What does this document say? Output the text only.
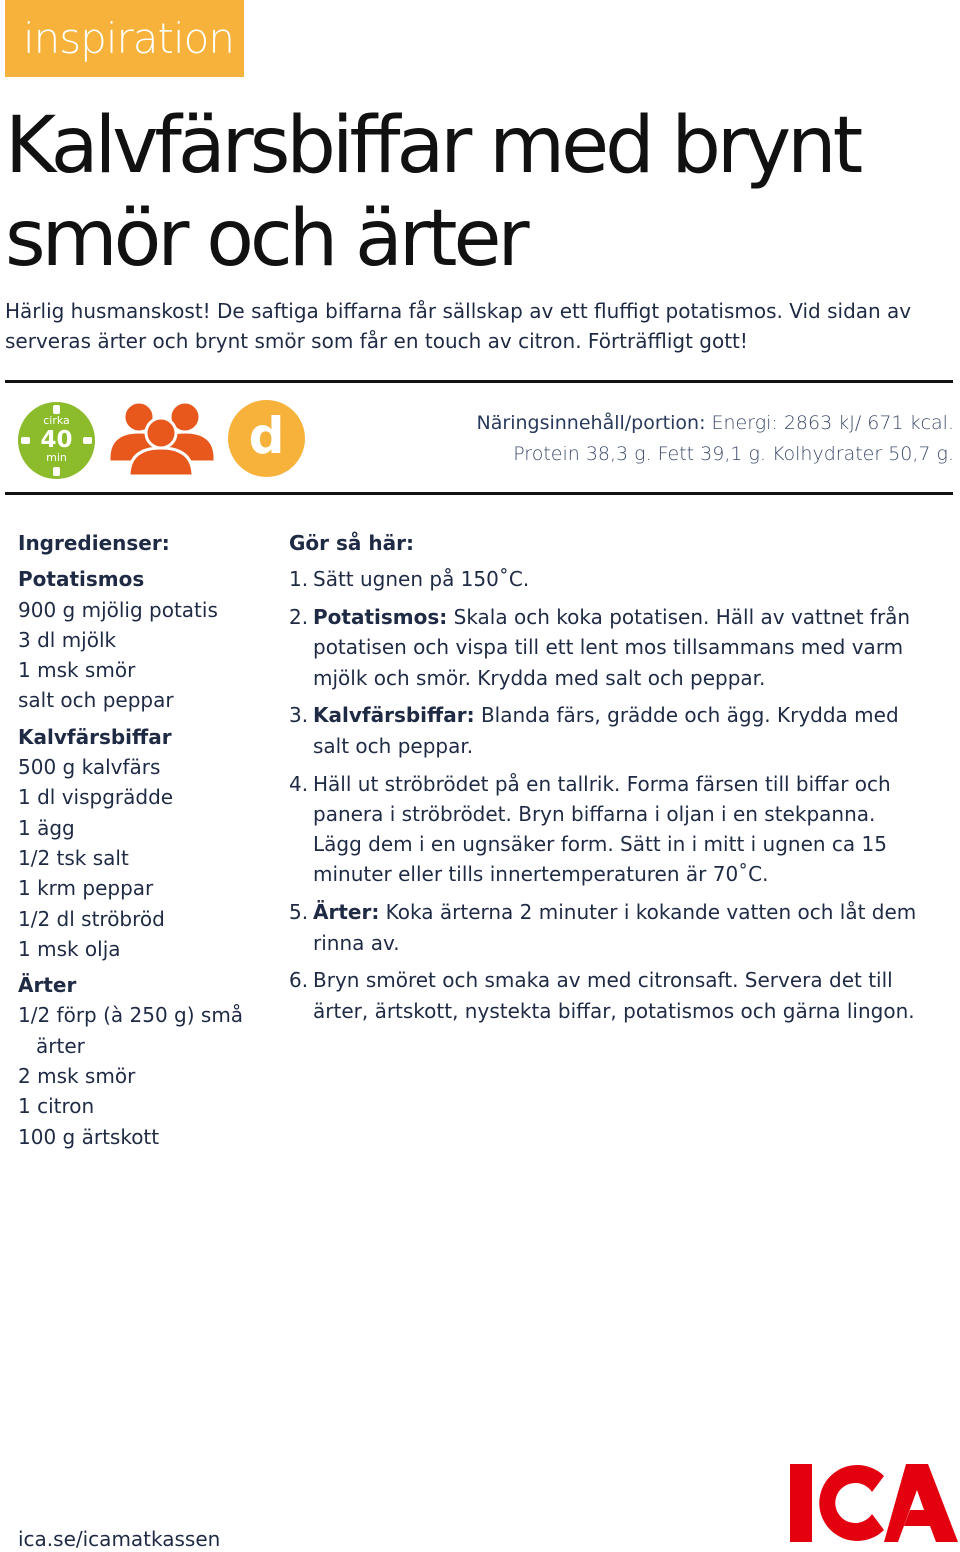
inspiration
Kalvfärsbiffar med brynt
smör och ärter

Härlig husmanskost! De saftiga biffarna får sällskap av ett fluffigt potatismos. Vid sidan av serveras ärter och brynt smör som får en touch av citron. Förträffligt gott!

cirka
40
min	d	Näringsinnehåll/portion: Energi: 2863 kJ/ 671 kcal.
Protein 38,3 g. Fett 39,1 g. Kolhydrater 50,7 g.
Ingredienser:
Potatismos
900 g mjölig potatis
3 dl mjölk
1 msk smör
salt och peppar
Kalvfärsbiffar
500 g kalvfärs
1 dl vispgrädde
1 ägg
1/2 tsk salt
1 krm peppar
1/2 dl ströbröd
1 msk olja
Ärter
1/2 förp (à 250 g) små ärter
2 msk smör
1 citron
100 g ärtskott
Gör så här:
1. Sätt ugnen på 150˚C.
2. Potatismos: Skala och koka potatisen. Häll av vattnet från potatisen och vispa till ett lent mos tillsammans med varm mjölk och smör. Krydda med salt och peppar.
3. Kalvfärsbiffar: Blanda färs, grädde och ägg. Krydda med salt och peppar.
4. Häll ut ströbrödet på en tallrik. Forma färsen till biffar och panera i ströbrödet. Bryn biffarna i oljan i en stekpanna. Lägg dem i en ugnsäker form. Sätt in i mitt i ugnen ca 15 minuter eller tills innertemperaturen är 70˚C.
5. Ärter: Koka ärterna 2 minuter i kokande vatten och låt dem rinna av.
6. Bryn smöret och smaka av med citronsaft. Servera det till ärter, ärtskott, nystekta biffar, potatismos och gärna lingon.
ica.se/icamatkassen
